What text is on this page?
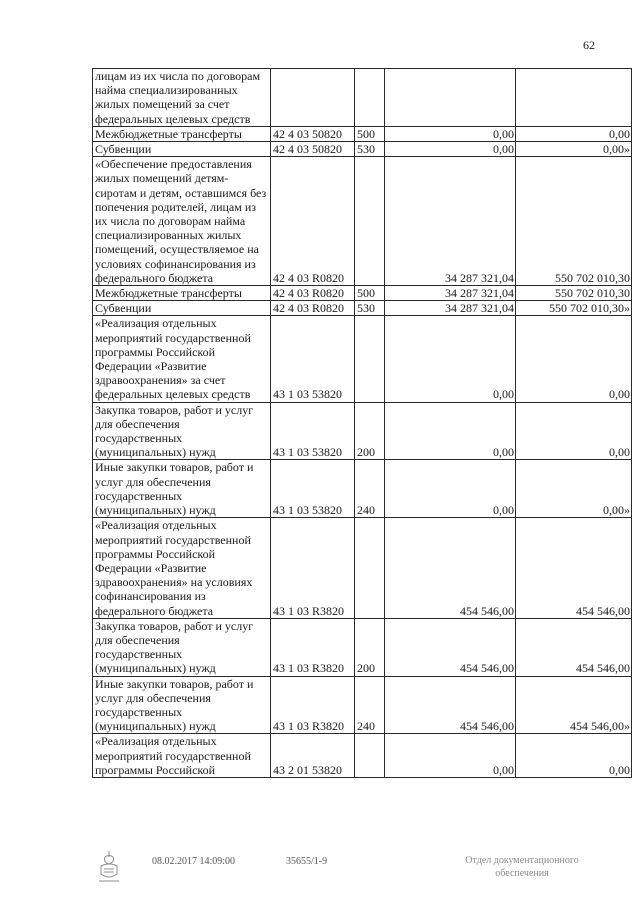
62
лицам из их числа по договорам найма специализированных жилых помещений за счет федеральных целевых средств				
Межбюджетные трансферты	42 4 03 50820	500	0,00	0,00
Субвенции	42 4 03 50820	530	0,00	0,00»
«Обеспечение предоставления жилых помещений детям-сиротам и детям, оставшимся без попечения родителей, лицам из их числа по договорам найма специализированных жилых помещений, осуществляемое на условиях софинансирования из федерального бюджета	42 4 03 R0820		34 287 321,04	550 702 010,30
Межбюджетные трансферты	42 4 03 R0820	500	34 287 321,04	550 702 010,30
Субвенции	42 4 03 R0820	530	34 287 321,04	550 702 010,30»
«Реализация отдельных мероприятий государственной программы Российской Федерации «Развитие здравоохранения» за счет федеральных целевых средств	43 1 03 53820		0,00	0,00
Закупка товаров, работ и услуг для обеспечения государственных (муниципальных) нужд	43 1 03 53820	200	0,00	0,00
Иные закупки товаров, работ и услуг для обеспечения государственных (муниципальных) нужд	43 1 03 53820	240	0,00	0,00»
«Реализация отдельных мероприятий государственной программы Российской Федерации «Развитие здравоохранения» на условиях софинансирования из федерального бюджета	43 1 03 R3820		454 546,00	454 546,00
Закупка товаров, работ и услуг для обеспечения государственных (муниципальных) нужд	43 1 03 R3820	200	454 546,00	454 546,00
Иные закупки товаров, работ и услуг для обеспечения государственных (муниципальных) нужд	43 1 03 R3820	240	454 546,00	454 546,00»
«Реализация отдельных мероприятий государственной программы Российской	43 2 01 53820		0,00	0,00
08.02.2017 14:09:00	35655/1-9	Отдел документационного
обеспечения
